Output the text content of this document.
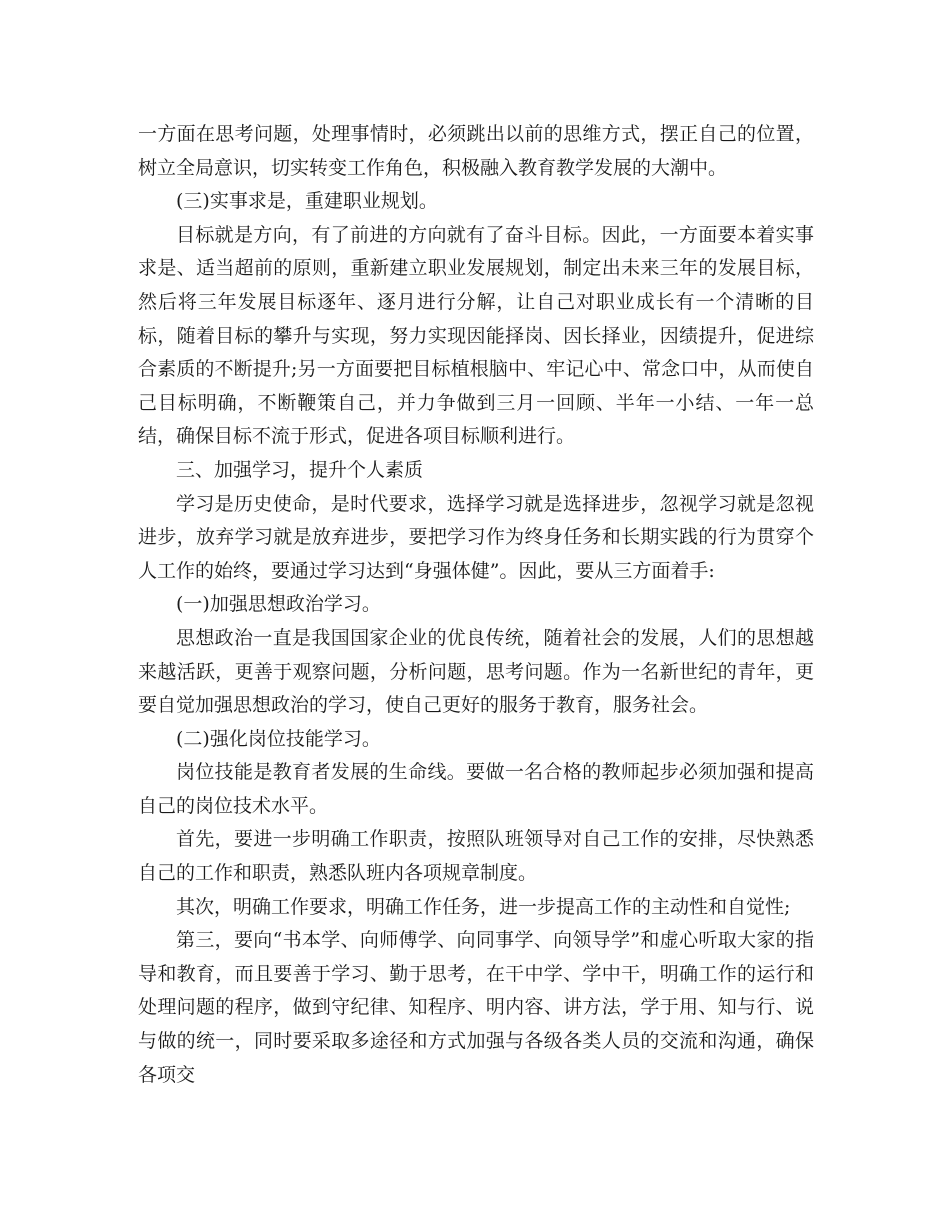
一方面在思考问题，处理事情时，必须跳出以前的思维方式，摆正自己的位置，树立全局意识，切实转变工作角色，积极融入教育教学发展的大潮中。

(三)实事求是，重建职业规划。

目标就是方向，有了前进的方向就有了奋斗目标。因此，一方面要本着实事求是、适当超前的原则，重新建立职业发展规划，制定出未来三年的发展目标，然后将三年发展目标逐年、逐月进行分解，让自己对职业成长有一个清晰的目标，随着目标的攀升与实现，努力实现因能择岗、因长择业，因绩提升，促进综合素质的不断提升;另一方面要把目标植根脑中、牢记心中、常念口中，从而使自己目标明确，不断鞭策自己，并力争做到三月一回顾、半年一小结、一年一总结，确保目标不流于形式，促进各项目标顺利进行。

三、加强学习，提升个人素质

学习是历史使命，是时代要求，选择学习就是选择进步，忽视学习就是忽视进步，放弃学习就是放弃进步，要把学习作为终身任务和长期实践的行为贯穿个人工作的始终，要通过学习达到“身强体健”。因此，要从三方面着手:

(一)加强思想政治学习。

思想政治一直是我国国家企业的优良传统，随着社会的发展，人们的思想越来越活跃，更善于观察问题，分析问题，思考问题。作为一名新世纪的青年，更要自觉加强思想政治的学习，使自己更好的服务于教育，服务社会。

(二)强化岗位技能学习。

岗位技能是教育者发展的生命线。要做一名合格的教师起步必须加强和提高自己的岗位技术水平。

首先，要进一步明确工作职责，按照队班领导对自己工作的安排，尽快熟悉自己的工作和职责，熟悉队班内各项规章制度。

其次，明确工作要求，明确工作任务，进一步提高工作的主动性和自觉性;

第三，要向“书本学、向师傅学、向同事学、向领导学”和虚心听取大家的指导和教育，而且要善于学习、勤于思考，在干中学、学中干，明确工作的运行和处理问题的程序，做到守纪律、知程序、明内容、讲方法，学于用、知与行、说与做的统一，同时要采取多途径和方式加强与各级各类人员的交流和沟通，确保各项交
